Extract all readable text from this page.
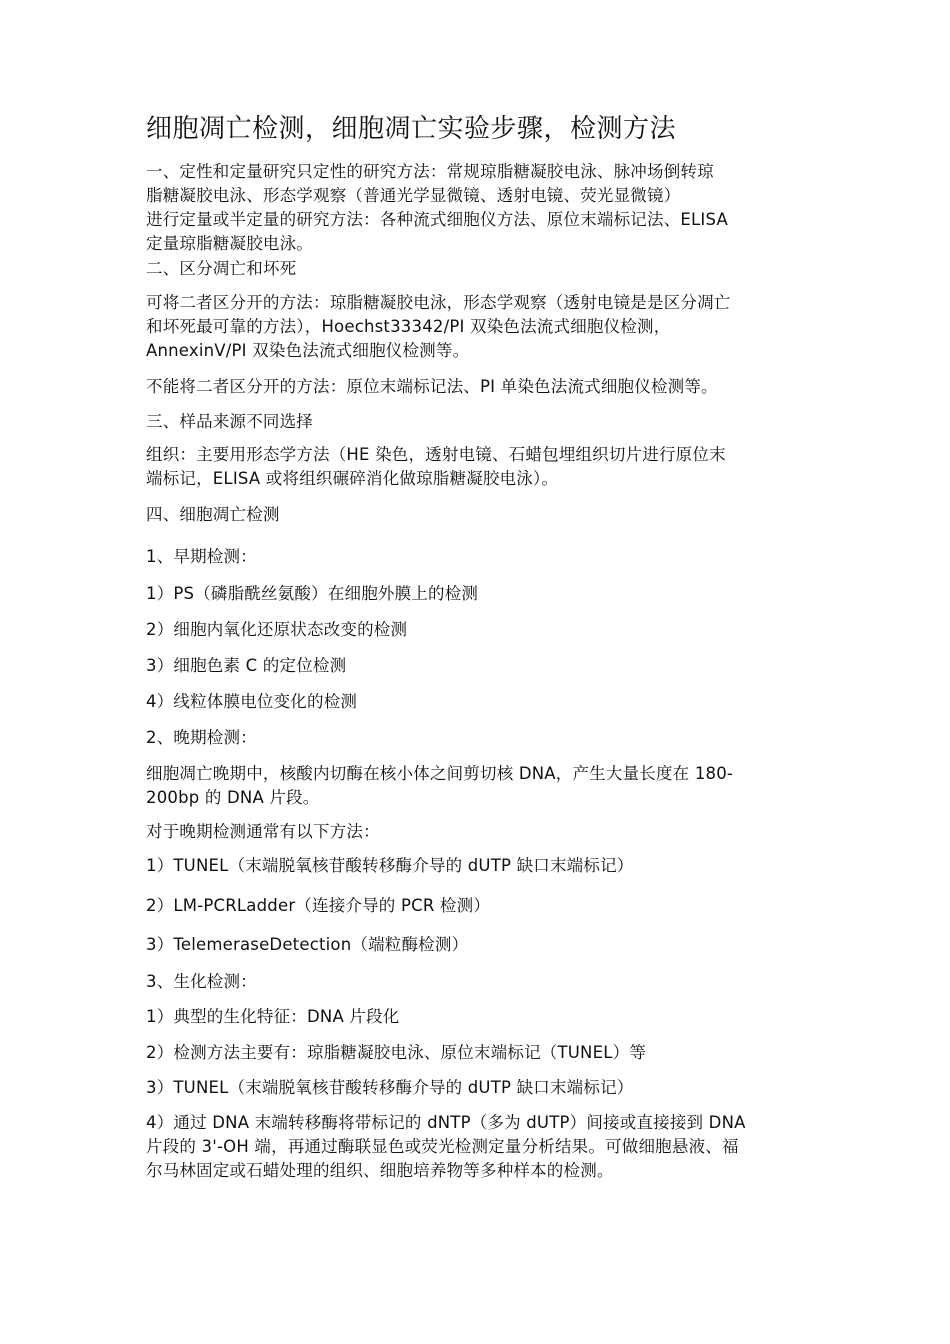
细胞凋亡检测，细胞凋亡实验步骤，检测方法
一、定性和定量研究只定性的研究方法：常规琼脂糖凝胶电泳、脉冲场倒转琼
脂糖凝胶电泳、形态学观察（普通光学显微镜、透射电镜、荧光显微镜）
进行定量或半定量的研究方法：各种流式细胞仪方法、原位末端标记法、ELISA
定量琼脂糖凝胶电泳。
二、区分凋亡和坏死
可将二者区分开的方法：琼脂糖凝胶电泳，形态学观察（透射电镜是是区分凋亡
和坏死最可靠的方法），Hoechst33342/PI 双染色法流式细胞仪检测，
AnnexinV/PI 双染色法流式细胞仪检测等。
不能将二者区分开的方法：原位末端标记法、PI 单染色法流式细胞仪检测等。
三、样品来源不同选择
组织：主要用形态学方法（HE 染色，透射电镜、石蜡包埋组织切片进行原位末
端标记，ELISA 或将组织碾碎消化做琼脂糖凝胶电泳）。
四、细胞凋亡检测
1、早期检测：
1）PS（磷脂酰丝氨酸）在细胞外膜上的检测
2）细胞内氧化还原状态改变的检测
3）细胞色素 C 的定位检测
4）线粒体膜电位变化的检测
2、晚期检测：
细胞凋亡晚期中，核酸内切酶在核小体之间剪切核 DNA，产生大量长度在 180-
200bp 的 DNA 片段。
对于晚期检测通常有以下方法：
1）TUNEL（末端脱氧核苷酸转移酶介导的 dUTP 缺口末端标记）
2）LM-PCRLadder（连接介导的 PCR 检测）
3）TelemeraseDetection（端粒酶检测）
3、生化检测：
1）典型的生化特征：DNA 片段化
2）检测方法主要有：琼脂糖凝胶电泳、原位末端标记（TUNEL）等
3）TUNEL（末端脱氧核苷酸转移酶介导的 dUTP 缺口末端标记）
4）通过 DNA 末端转移酶将带标记的 dNTP（多为 dUTP）间接或直接接到 DNA
片段的 3'-OH 端，再通过酶联显色或荧光检测定量分析结果。可做细胞悬液、福
尔马林固定或石蜡处理的组织、细胞培养物等多种样本的检测。
